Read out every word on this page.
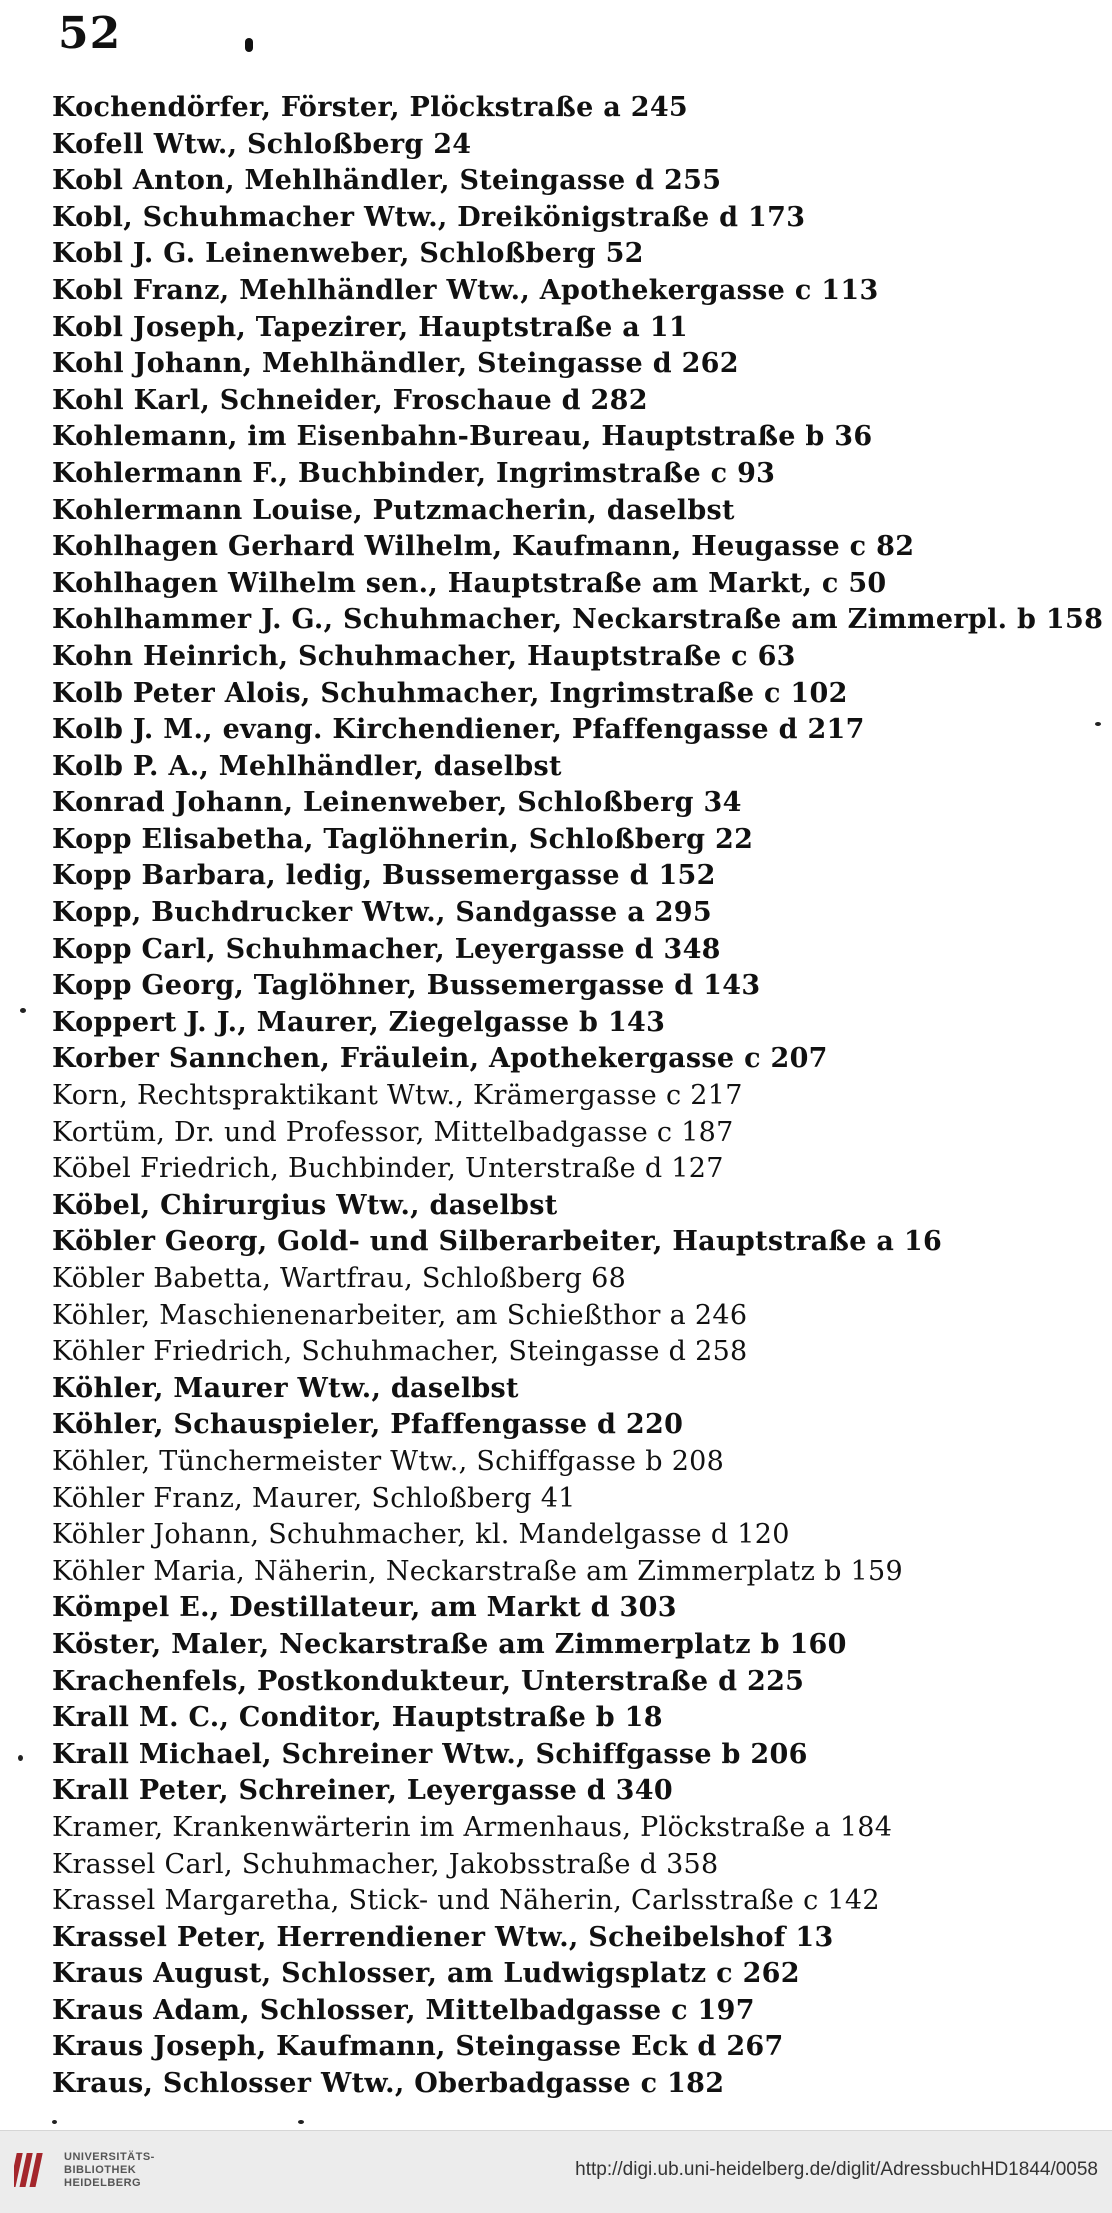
52
Kochendörfer, Förster, Plöckstraße a 245
Kofell Wtw., Schloßberg 24
Kobl Anton, Mehlhändler, Steingasse d 255
Kobl, Schuhmacher Wtw., Dreikönigstraße d 173
Kobl J. G. Leinenweber, Schloßberg 52
Kobl Franz, Mehlhändler Wtw., Apothekergasse c 113
Kobl Joseph, Tapezirer, Hauptstraße a 11
Kohl Johann, Mehlhändler, Steingasse d 262
Kohl Karl, Schneider, Froschaue d 282
Kohlemann, im Eisenbahn-Bureau, Hauptstraße b 36
Kohlermann F., Buchbinder, Ingrimstraße c 93
Kohlermann Louise, Putzmacherin, daselbst
Kohlhagen Gerhard Wilhelm, Kaufmann, Heugasse c 82
Kohlhagen Wilhelm sen., Hauptstraße am Markt, c 50
Kohlhammer J. G., Schuhmacher, Neckarstraße am Zimmerpl. b 158
Kohn Heinrich, Schuhmacher, Hauptstraße c 63
Kolb Peter Alois, Schuhmacher, Ingrimstraße c 102
Kolb J. M., evang. Kirchendiener, Pfaffengasse d 217
Kolb P. A., Mehlhändler, daselbst
Konrad Johann, Leinenweber, Schloßberg 34
Kopp Elisabetha, Taglöhnerin, Schloßberg 22
Kopp Barbara, ledig, Bussemergasse d 152
Kopp, Buchdrucker Wtw., Sandgasse a 295
Kopp Carl, Schuhmacher, Leyergasse d 348
Kopp Georg, Taglöhner, Bussemergasse d 143
Koppert J. J., Maurer, Ziegelgasse b 143
Korber Sannchen, Fräulein, Apothekergasse c 207
Korn, Rechtspraktikant Wtw., Krämergasse c 217
Kortüm, Dr. und Professor, Mittelbadgasse c 187
Köbel Friedrich, Buchbinder, Unterstraße d 127
Köbel, Chirurgius Wtw., daselbst
Köbler Georg, Gold- und Silberarbeiter, Hauptstraße a 16
Köbler Babetta, Wartfrau, Schloßberg 68
Köhler, Maschienenarbeiter, am Schießthor a 246
Köhler Friedrich, Schuhmacher, Steingasse d 258
Köhler, Maurer Wtw., daselbst
Köhler, Schauspieler, Pfaffengasse d 220
Köhler, Tünchermeister Wtw., Schiffgasse b 208
Köhler Franz, Maurer, Schloßberg 41
Köhler Johann, Schuhmacher, kl. Mandelgasse d 120
Köhler Maria, Näherin, Neckarstraße am Zimmerplatz b 159
Kömpel E., Destillateur, am Markt d 303
Köster, Maler, Neckarstraße am Zimmerplatz b 160
Krachenfels, Postkondukteur, Unterstraße d 225
Krall M. C., Conditor, Hauptstraße b 18
Krall Michael, Schreiner Wtw., Schiffgasse b 206
Krall Peter, Schreiner, Leyergasse d 340
Kramer, Krankenwärterin im Armenhaus, Plöckstraße a 184
Krassel Carl, Schuhmacher, Jakobsstraße d 358
Krassel Margaretha, Stick- und Näherin, Carlsstraße c 142
Krassel Peter, Herrendiener Wtw., Scheibelshof 13
Kraus August, Schlosser, am Ludwigsplatz c 262
Kraus Adam, Schlosser, Mittelbadgasse c 197
Kraus Joseph, Kaufmann, Steingasse Eck d 267
Kraus, Schlosser Wtw., Oberbadgasse c 182
UNIVERSITÄTS-
BIBLIOTHEK
HEIDELBERG
http://digi.ub.uni-heidelberg.de/diglit/AdressbuchHD1844/0058
